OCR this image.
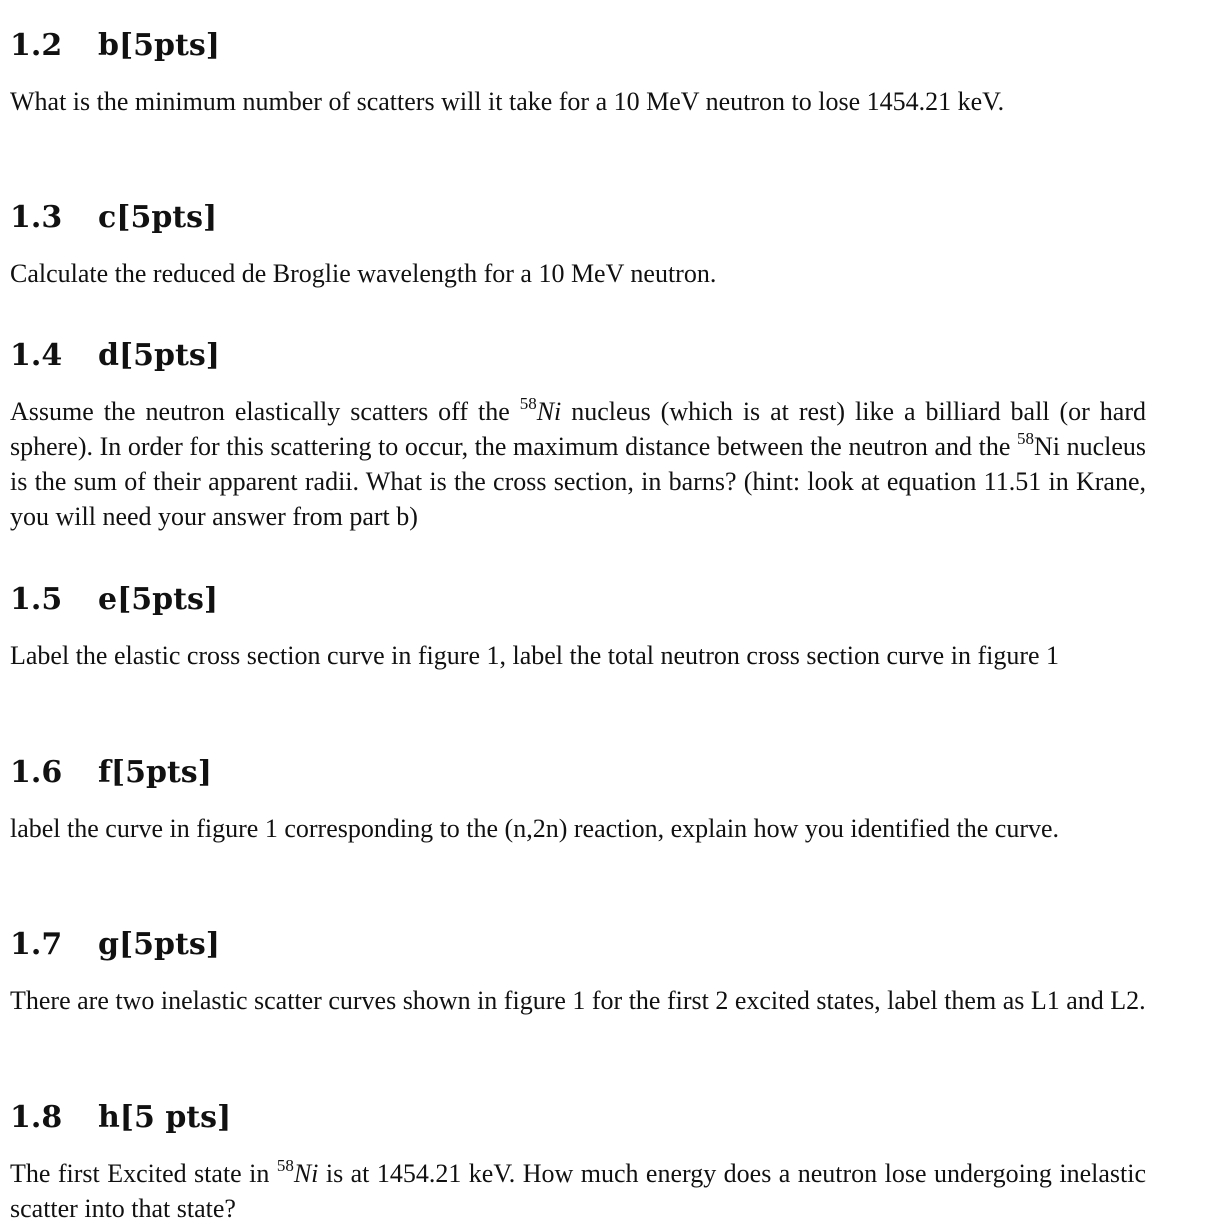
1.2 b[5pts]

What is the minimum number of scatters will it take for a 10 MeV neutron to lose 1454.21 keV.

1.3 c[5pts]

Calculate the reduced de Broglie wavelength for a 10 MeV neutron.

1.4 d[5pts]

Assume the neutron elastically scatters off the $^{58}$Ni nucleus (which is at rest) like a billiard ball (or hard sphere). In order for this scattering to occur, the maximum distance between the neutron and the $^{58}$Ni nucleus is the sum of their apparent radii. What is the cross section, in barns? (hint: look at equation 11.51 in Krane, you will need your answer from part b)

1.5 e[5pts]

Label the elastic cross section curve in figure 1, label the total neutron cross section curve in figure 1

1.6 f[5pts]

label the curve in figure 1 corresponding to the (n,2n) reaction, explain how you identified the curve.

1.7 g[5pts]

There are two inelastic scatter curves shown in figure 1 for the first 2 excited states, label them as L1 and L2.

1.8 h[5 pts]

The first Excited state in $^{58}$Ni is at 1454.21 keV. How much energy does a neutron lose undergoing inelastic scatter into that state?
